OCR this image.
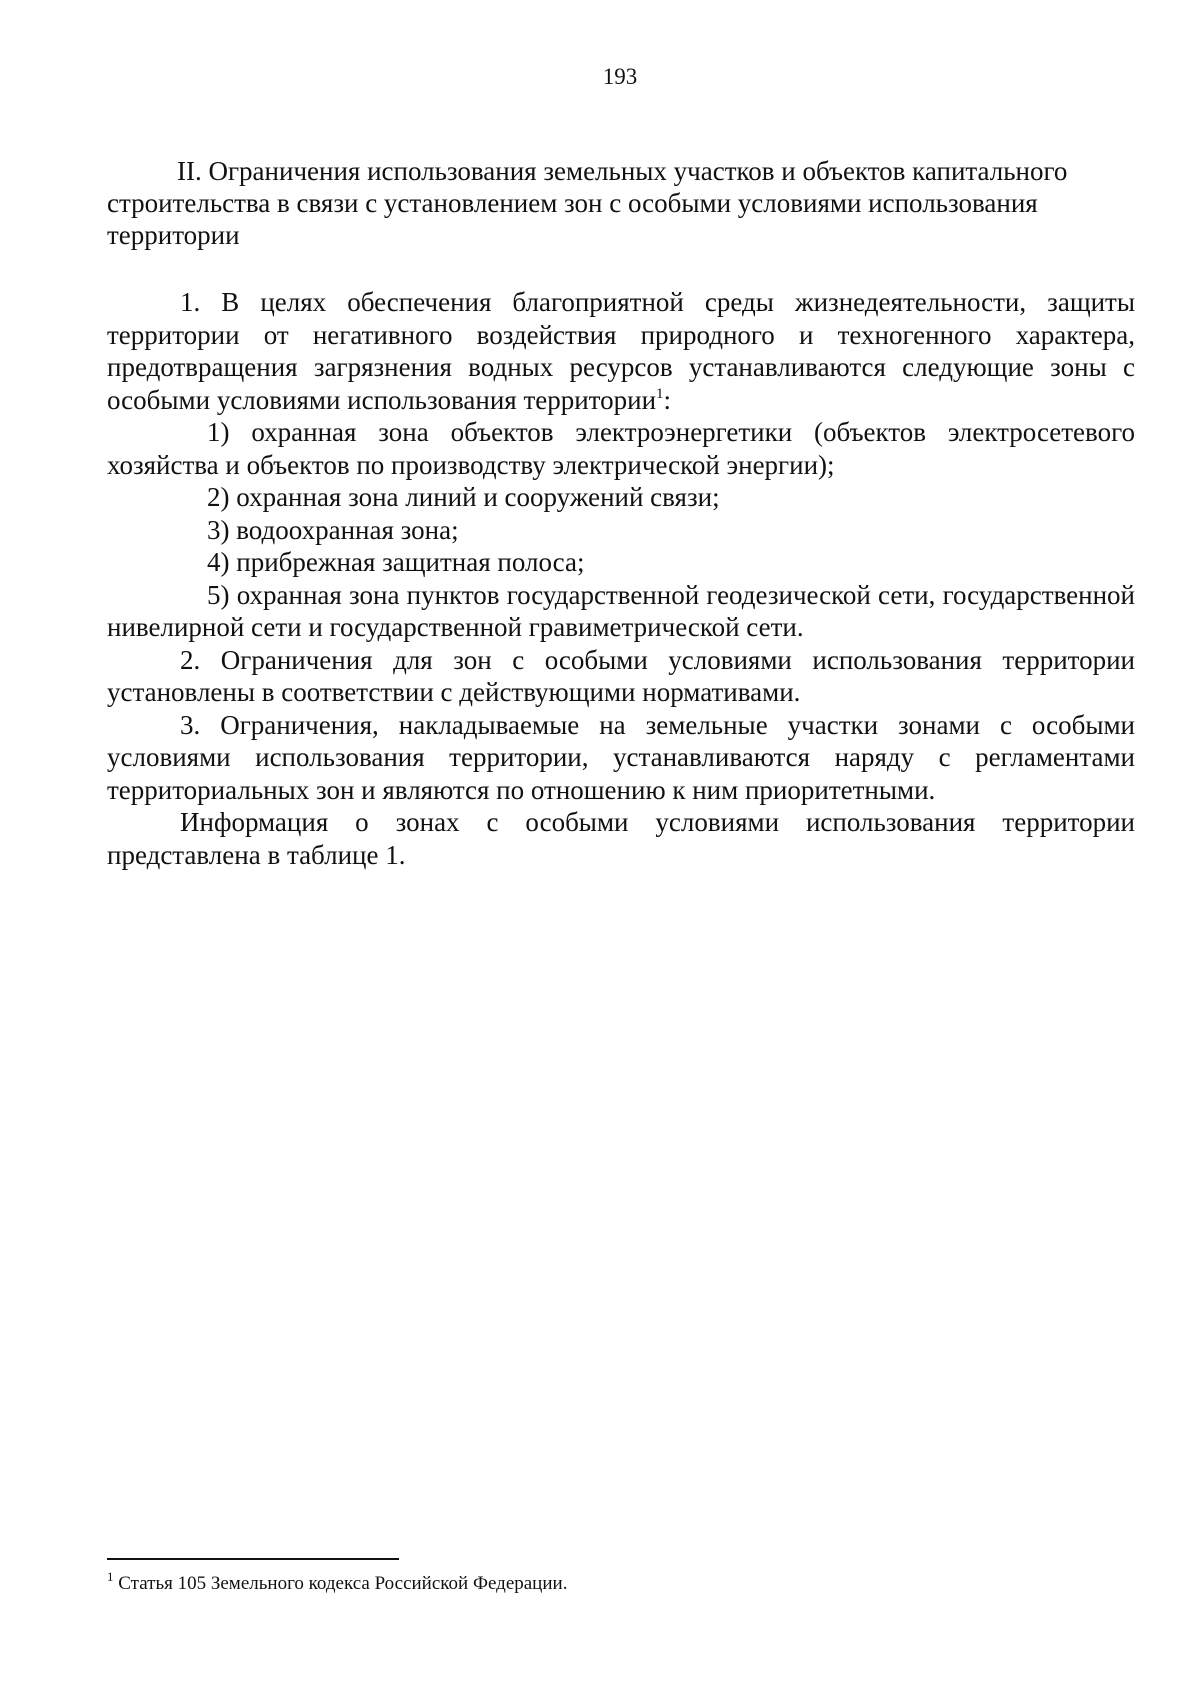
193
II. Ограничения использования земельных участков и объектов капитального строительства в связи с установлением зон с особыми условиями использования территории

1. В целях обеспечения благоприятной среды жизнедеятельности, защиты территории от негативного воздействия природного и техногенного характера, предотвращения загрязнения водных ресурсов устанавливаются следующие зоны с особыми условиями использования территории$^1$:

1) охранная зона объектов электроэнергетики (объектов электросетевого хозяйства и объектов по производству электрической энергии);

2) охранная зона линий и сооружений связи;

3) водоохранная зона;

4) прибрежная защитная полоса;

5) охранная зона пунктов государственной геодезической сети, государственной нивелирной сети и государственной гравиметрической сети.

2. Ограничения для зон с особыми условиями использования территории установлены в соответствии с действующими нормативами.

3. Ограничения, накладываемые на земельные участки зонами с особыми условиями использования территории, устанавливаются наряду с регламентами территориальных зон и являются по отношению к ним приоритетными.

Информация о зонах с особыми условиями использования территории представлена в таблице 1.

$^1$ Статья 105 Земельного кодекса Российской Федерации.
